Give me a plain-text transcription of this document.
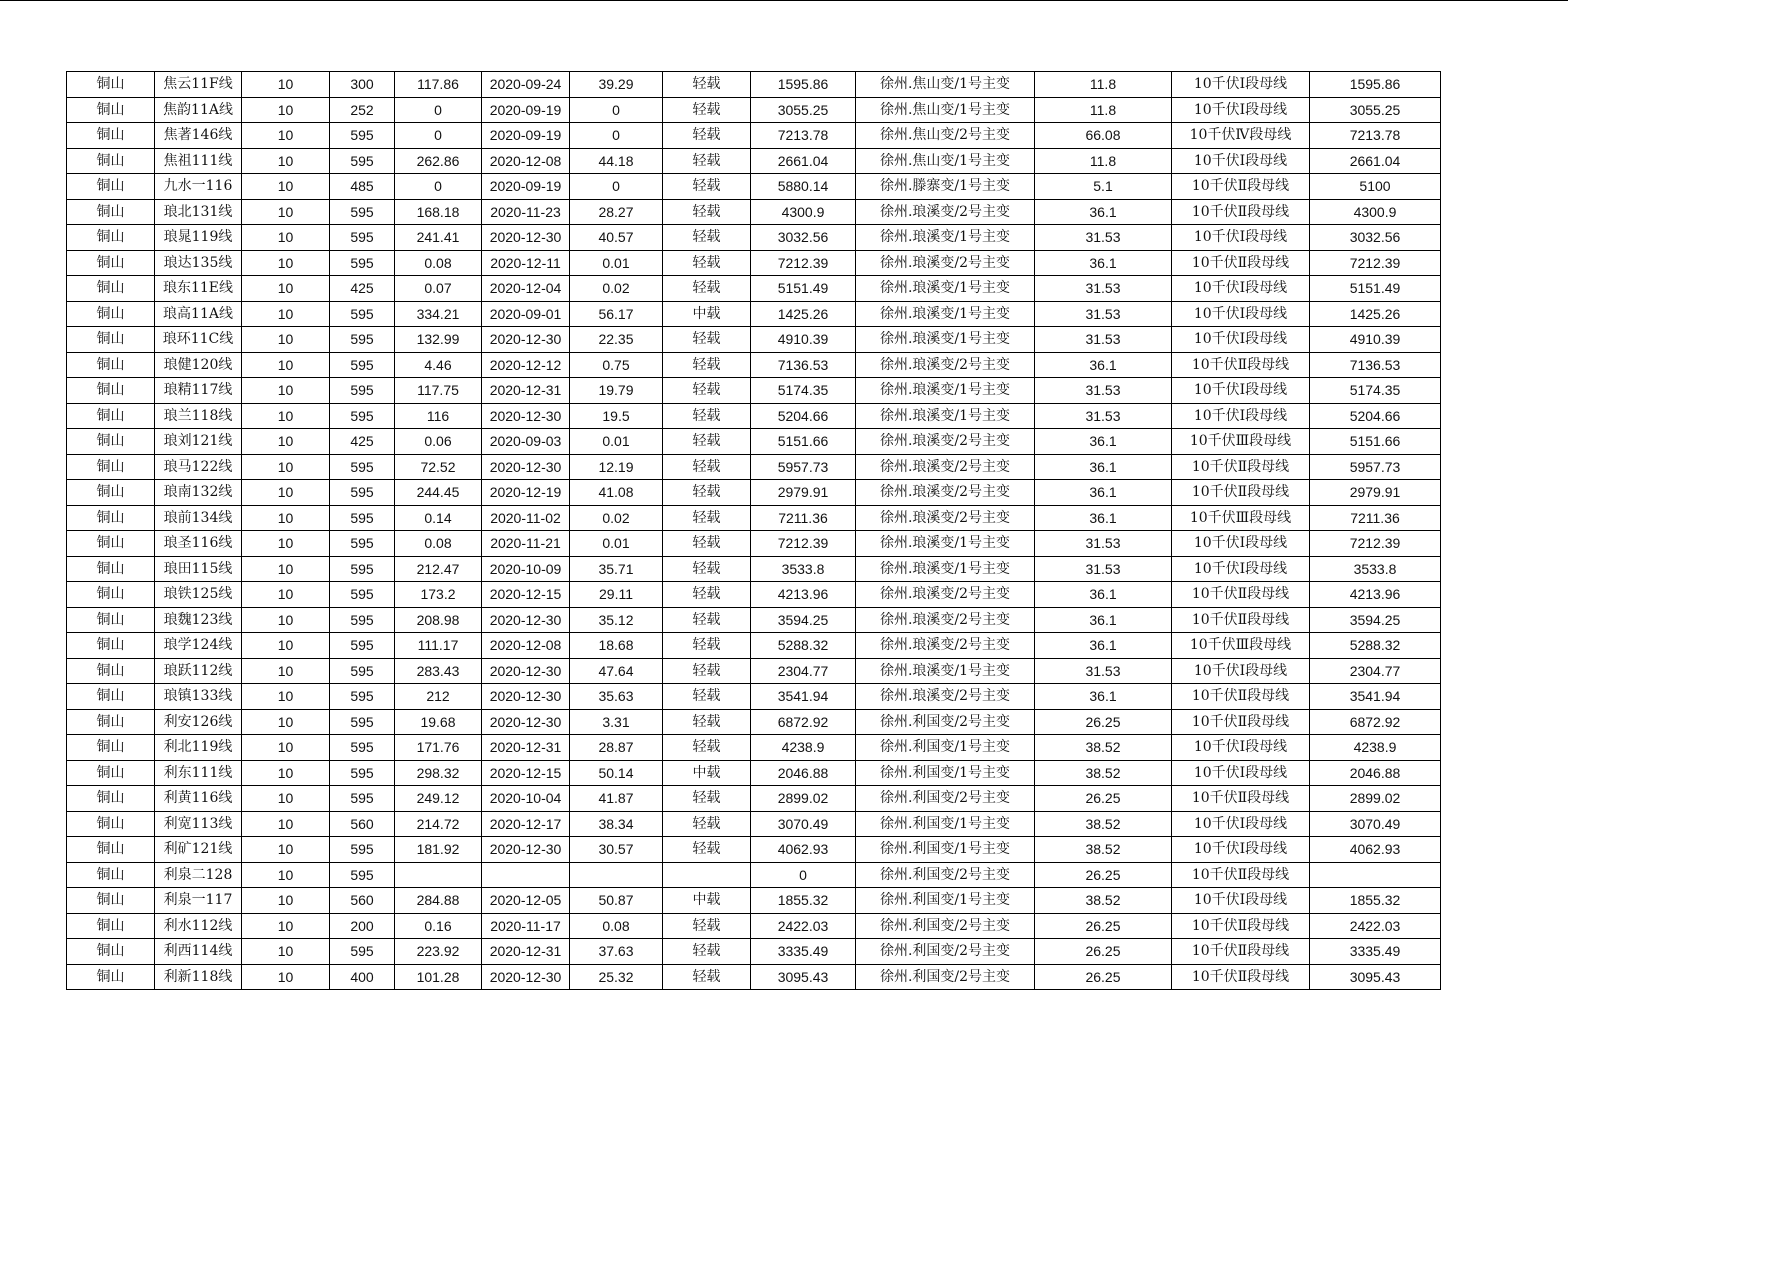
铜山	焦云11F线	10	300	117.86	2020-09-24	39.29	轻载	1595.86	徐州.焦山变/1号主变	11.8	10千伏Ⅰ段母线	1595.86
铜山	焦韵11A线	10	252	0	2020-09-19	0	轻载	3055.25	徐州.焦山变/1号主变	11.8	10千伏Ⅰ段母线	3055.25
铜山	焦著146线	10	595	0	2020-09-19	0	轻载	7213.78	徐州.焦山变/2号主变	66.08	10千伏Ⅳ段母线	7213.78
铜山	焦祖111线	10	595	262.86	2020-12-08	44.18	轻载	2661.04	徐州.焦山变/1号主变	11.8	10千伏Ⅰ段母线	2661.04
铜山	九水一116	10	485	0	2020-09-19	0	轻载	5880.14	徐州.滕寨变/1号主变	5.1	10千伏Ⅱ段母线	5100
铜山	琅北131线	10	595	168.18	2020-11-23	28.27	轻载	4300.9	徐州.琅溪变/2号主变	36.1	10千伏Ⅱ段母线	4300.9
铜山	琅晁119线	10	595	241.41	2020-12-30	40.57	轻载	3032.56	徐州.琅溪变/1号主变	31.53	10千伏Ⅰ段母线	3032.56
铜山	琅达135线	10	595	0.08	2020-12-11	0.01	轻载	7212.39	徐州.琅溪变/2号主变	36.1	10千伏Ⅱ段母线	7212.39
铜山	琅东11E线	10	425	0.07	2020-12-04	0.02	轻载	5151.49	徐州.琅溪变/1号主变	31.53	10千伏Ⅰ段母线	5151.49
铜山	琅高11A线	10	595	334.21	2020-09-01	56.17	中载	1425.26	徐州.琅溪变/1号主变	31.53	10千伏Ⅰ段母线	1425.26
铜山	琅环11C线	10	595	132.99	2020-12-30	22.35	轻载	4910.39	徐州.琅溪变/1号主变	31.53	10千伏Ⅰ段母线	4910.39
铜山	琅健120线	10	595	4.46	2020-12-12	0.75	轻载	7136.53	徐州.琅溪变/2号主变	36.1	10千伏Ⅱ段母线	7136.53
铜山	琅精117线	10	595	117.75	2020-12-31	19.79	轻载	5174.35	徐州.琅溪变/1号主变	31.53	10千伏Ⅰ段母线	5174.35
铜山	琅兰118线	10	595	116	2020-12-30	19.5	轻载	5204.66	徐州.琅溪变/1号主变	31.53	10千伏Ⅰ段母线	5204.66
铜山	琅刘121线	10	425	0.06	2020-09-03	0.01	轻载	5151.66	徐州.琅溪变/2号主变	36.1	10千伏Ⅲ段母线	5151.66
铜山	琅马122线	10	595	72.52	2020-12-30	12.19	轻载	5957.73	徐州.琅溪变/2号主变	36.1	10千伏Ⅱ段母线	5957.73
铜山	琅南132线	10	595	244.45	2020-12-19	41.08	轻载	2979.91	徐州.琅溪变/2号主变	36.1	10千伏Ⅱ段母线	2979.91
铜山	琅前134线	10	595	0.14	2020-11-02	0.02	轻载	7211.36	徐州.琅溪变/2号主变	36.1	10千伏Ⅲ段母线	7211.36
铜山	琅圣116线	10	595	0.08	2020-11-21	0.01	轻载	7212.39	徐州.琅溪变/1号主变	31.53	10千伏Ⅰ段母线	7212.39
铜山	琅田115线	10	595	212.47	2020-10-09	35.71	轻载	3533.8	徐州.琅溪变/1号主变	31.53	10千伏Ⅰ段母线	3533.8
铜山	琅铁125线	10	595	173.2	2020-12-15	29.11	轻载	4213.96	徐州.琅溪变/2号主变	36.1	10千伏Ⅱ段母线	4213.96
铜山	琅魏123线	10	595	208.98	2020-12-30	35.12	轻载	3594.25	徐州.琅溪变/2号主变	36.1	10千伏Ⅱ段母线	3594.25
铜山	琅学124线	10	595	111.17	2020-12-08	18.68	轻载	5288.32	徐州.琅溪变/2号主变	36.1	10千伏Ⅲ段母线	5288.32
铜山	琅跃112线	10	595	283.43	2020-12-30	47.64	轻载	2304.77	徐州.琅溪变/1号主变	31.53	10千伏Ⅰ段母线	2304.77
铜山	琅镇133线	10	595	212	2020-12-30	35.63	轻载	3541.94	徐州.琅溪变/2号主变	36.1	10千伏Ⅱ段母线	3541.94
铜山	利安126线	10	595	19.68	2020-12-30	3.31	轻载	6872.92	徐州.利国变/2号主变	26.25	10千伏Ⅱ段母线	6872.92
铜山	利北119线	10	595	171.76	2020-12-31	28.87	轻载	4238.9	徐州.利国变/1号主变	38.52	10千伏Ⅰ段母线	4238.9
铜山	利东111线	10	595	298.32	2020-12-15	50.14	中载	2046.88	徐州.利国变/1号主变	38.52	10千伏Ⅰ段母线	2046.88
铜山	利黄116线	10	595	249.12	2020-10-04	41.87	轻载	2899.02	徐州.利国变/2号主变	26.25	10千伏Ⅱ段母线	2899.02
铜山	利宽113线	10	560	214.72	2020-12-17	38.34	轻载	3070.49	徐州.利国变/1号主变	38.52	10千伏Ⅰ段母线	3070.49
铜山	利矿121线	10	595	181.92	2020-12-30	30.57	轻载	4062.93	徐州.利国变/1号主变	38.52	10千伏Ⅰ段母线	4062.93
铜山	利泉二128	10	595					0	徐州.利国变/2号主变	26.25	10千伏Ⅱ段母线	
铜山	利泉一117	10	560	284.88	2020-12-05	50.87	中载	1855.32	徐州.利国变/1号主变	38.52	10千伏Ⅰ段母线	1855.32
铜山	利水112线	10	200	0.16	2020-11-17	0.08	轻载	2422.03	徐州.利国变/2号主变	26.25	10千伏Ⅱ段母线	2422.03
铜山	利西114线	10	595	223.92	2020-12-31	37.63	轻载	3335.49	徐州.利国变/2号主变	26.25	10千伏Ⅱ段母线	3335.49
铜山	利新118线	10	400	101.28	2020-12-30	25.32	轻载	3095.43	徐州.利国变/2号主变	26.25	10千伏Ⅱ段母线	3095.43
